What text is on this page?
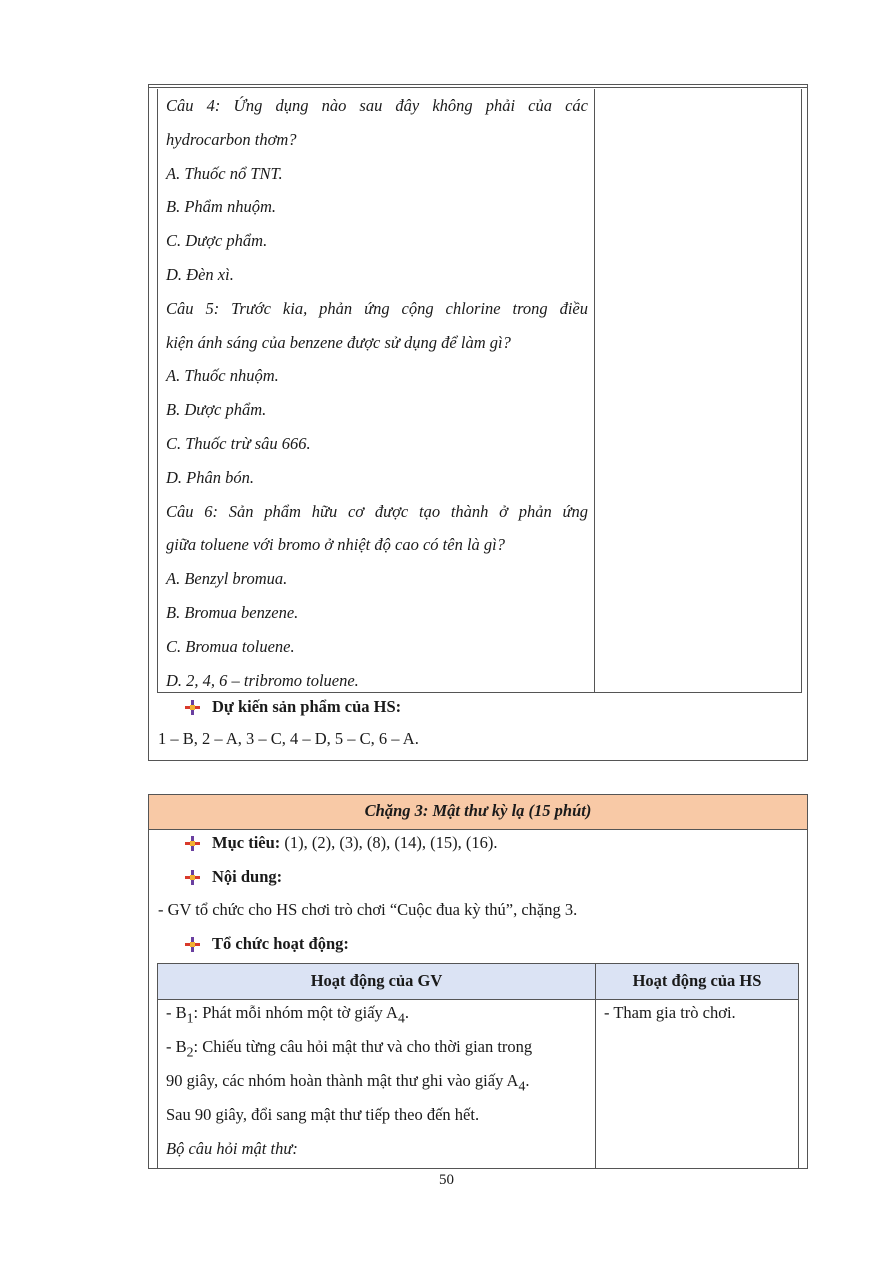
Câu 4: Ứng dụng nào sau đây không phải của các
hydrocarbon thơm?
A. Thuốc nổ TNT.
B. Phẩm nhuộm.
C. Dược phẩm.
D. Đèn xì.
Câu 5: Trước kia, phản ứng cộng chlorine trong điều
kiện ánh sáng của benzene được sử dụng để làm gì?
A. Thuốc nhuộm.
B. Dược phẩm.
C. Thuốc trừ sâu 666.
D. Phân bón.
Câu 6: Sản phẩm hữu cơ được tạo thành ở phản ứng
giữa toluene với bromo ở nhiệt độ cao có tên là gì?
A. Benzyl bromua.
B. Bromua benzene.
C. Bromua toluene.
D. 2, 4, 6 – tribromo toluene.
Dự kiến sản phẩm của HS:
1 – B, 2 – A, 3 – C, 4 – D, 5 – C, 6 – A.
Chặng 3: Mật thư kỳ lạ (15 phút)
Mục tiêu: (1), (2), (3), (8), (14), (15), (16).
Nội dung:
- GV tổ chức cho HS chơi trò chơi “Cuộc đua kỳ thú”, chặng 3.
Tổ chức hoạt động:
Hoạt động của GV	Hoạt động của HS
- $B_1$: Phát mỗi nhóm một tờ giấy $A_4$.
- $B_2$: Chiếu từng câu hỏi mật thư và cho thời gian trong
90 giây, các nhóm hoàn thành mật thư ghi vào giấy $A_4$.
Sau 90 giây, đổi sang mật thư tiếp theo đến hết.
Bộ câu hỏi mật thư:
- Tham gia trò chơi.
50
